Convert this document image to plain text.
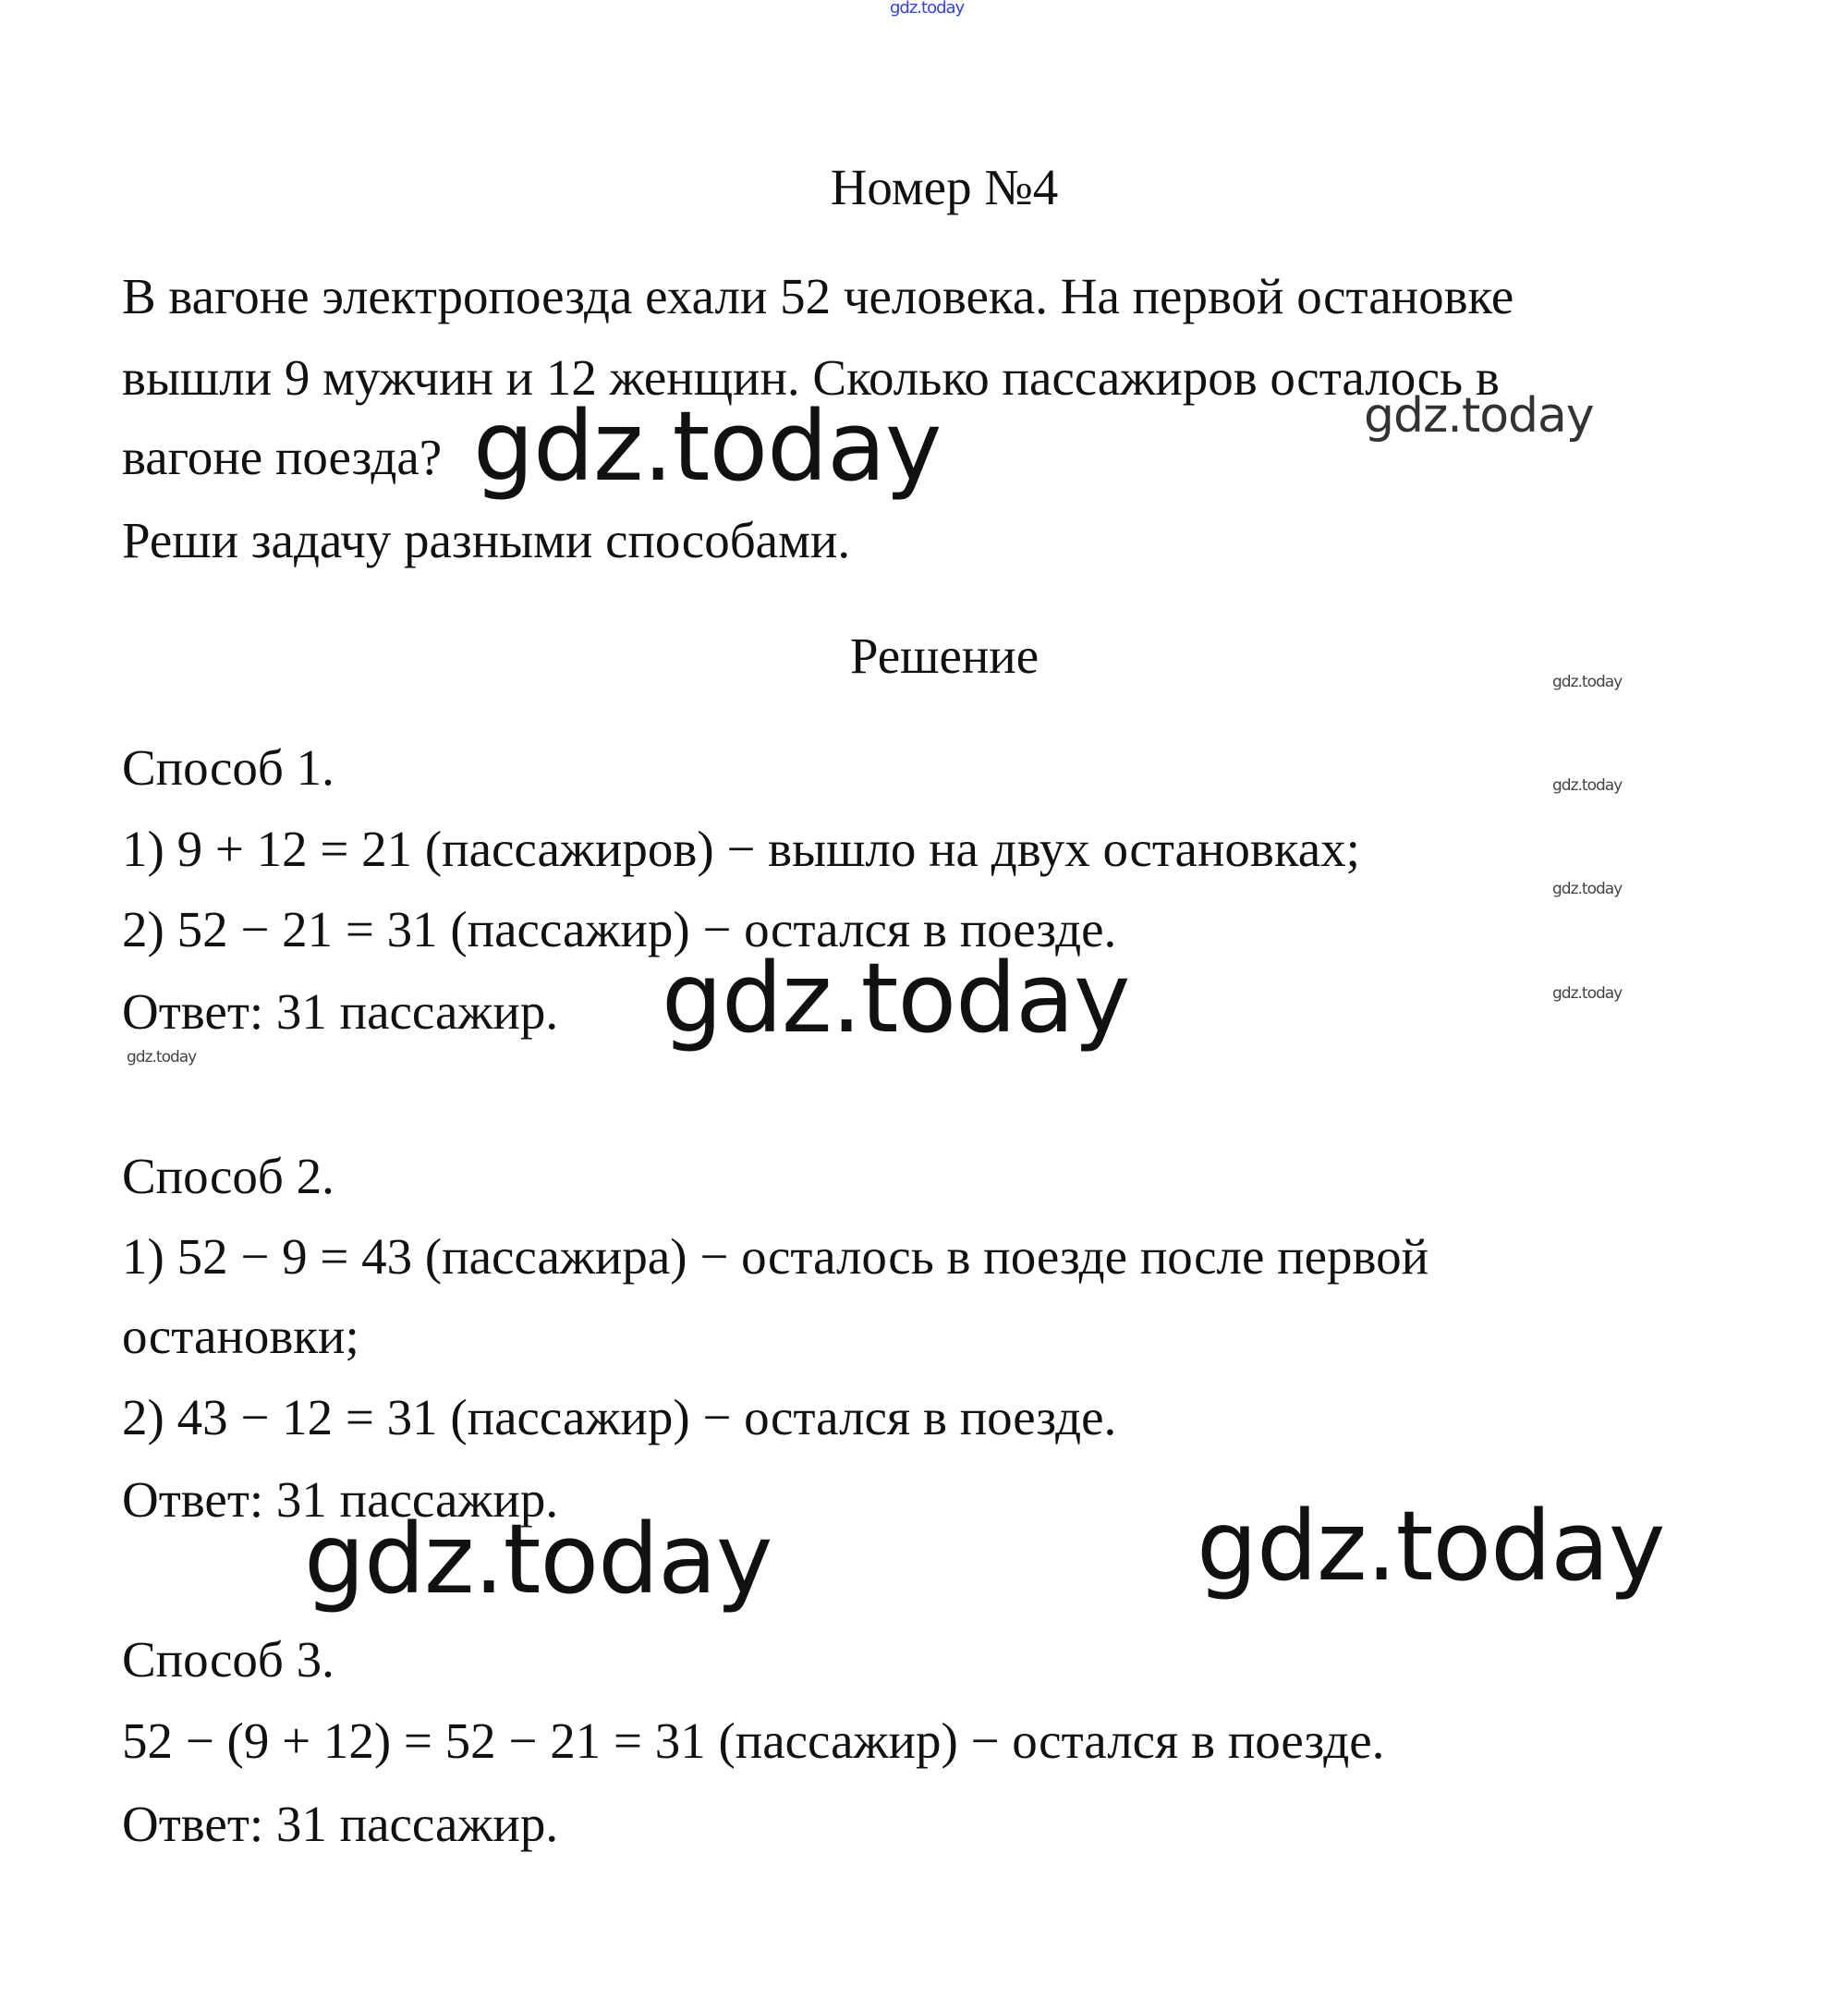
gdz.today
Номер №4
В вагоне электропоезда ехали 52 человека. На первой остановке
вышли 9 мужчин и 12 женщин. Сколько пассажиров осталось в
вагоне поезда?
Реши задачу разными способами.
Решение
Способ 1.
1) 9 + 12 = 21 (пассажиров) − вышло на двух остановках;
2) 52 − 21 = 31 (пассажир) − остался в поезде.
Ответ: 31 пассажир.
Способ 2.
1) 52 − 9 = 43 (пассажира) − осталось в поезде после первой
остановки;
2) 43 − 12 = 31 (пассажир) − остался в поезде.
Ответ: 31 пассажир.
Способ 3.
52 − (9 + 12) = 52 − 21 = 31 (пассажир) − остался в поезде.
Ответ: 31 пассажир.
gdz.today	gdz.today
gdz.today
gdz.today
gdz.today
gdz.today
gdz.today
gdz.today
gdz.today	gdz.today
